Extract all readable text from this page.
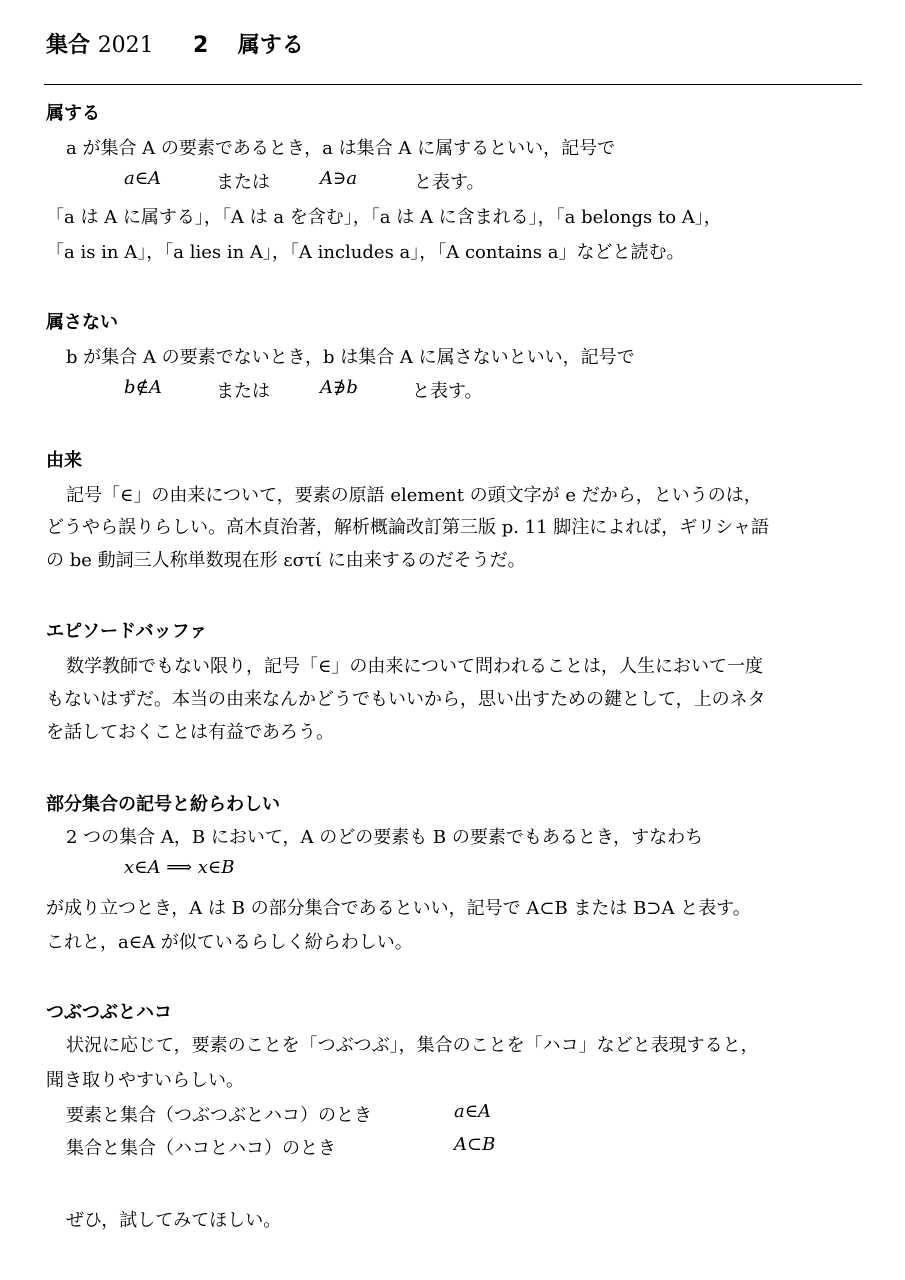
集合 2021 2 属する
属する
a が集合 A の要素であるとき，a は集合 A に属するといい，記号で
a∈A	または	A∋a	と表す。
「a は A に属する」，「A は a を含む」，「a は A に含まれる」，「a belongs to A」，
「a is in A」，「a lies in A」，「A includes a」，「A contains a」などと読む。
属さない
b が集合 A の要素でないとき，b は集合 A に属さないといい，記号で
b∉A	または	A∌b	と表す。
由来
記号「∈」の由来について，要素の原語 element の頭文字が e だから，というのは，
どうやら誤りらしい。高木貞治著，解析概論改訂第三版 p. 11 脚注によれば，ギリシャ語
の be 動詞三人称単数現在形 εστί に由来するのだそうだ。
エピソードバッファ
数学教師でもない限り，記号「∈」の由来について問われることは，人生において一度
もないはずだ。本当の由来なんかどうでもいいから，思い出すための鍵として，上のネタ
を話しておくことは有益であろう。
部分集合の記号と紛らわしい
2 つの集合 A，B において，A のどの要素も B の要素でもあるとき，すなわち
x∈A ⟹ x∈B
が成り立つとき，A は B の部分集合であるといい，記号で A⊂B または B⊃A と表す。
これと，a∈A が似ているらしく紛らわしい。
つぶつぶとハコ
状況に応じて，要素のことを「つぶつぶ」，集合のことを「ハコ」などと表現すると，
聞き取りやすいらしい。
要素と集合（つぶつぶとハコ）のとき	a∈A
集合と集合（ハコとハコ）のとき	A⊂B
ぜひ，試してみてほしい。
